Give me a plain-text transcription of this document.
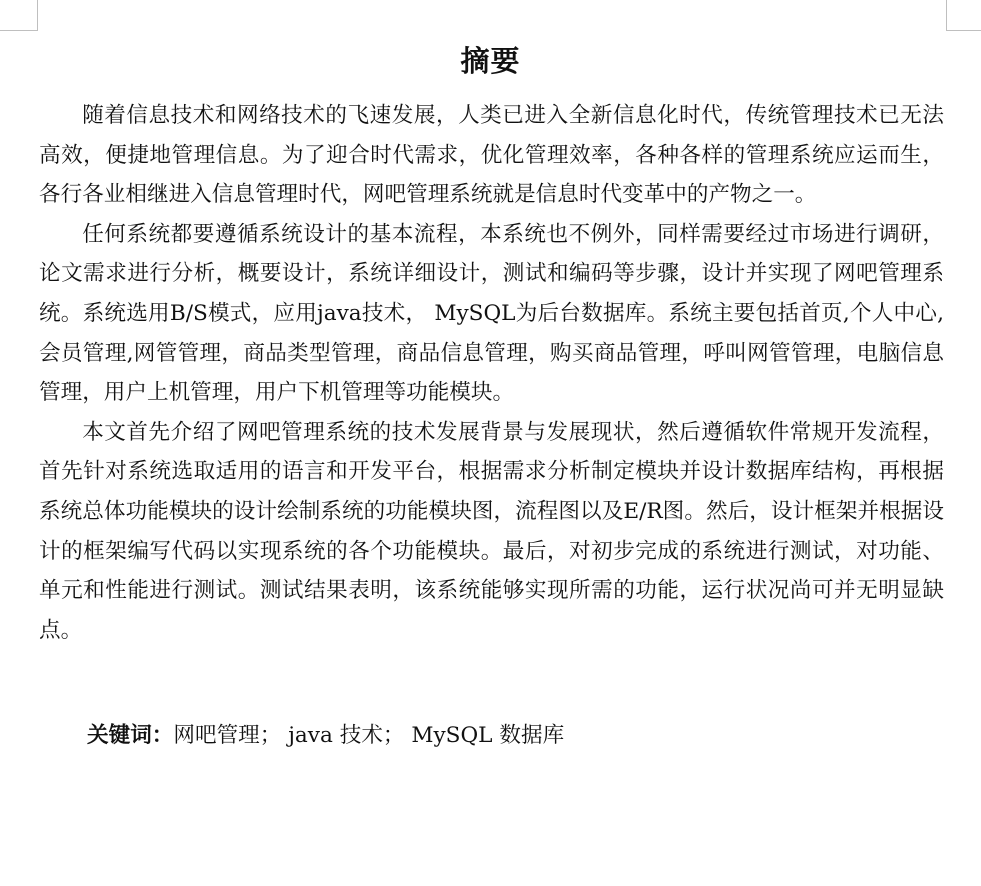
摘要

随着信息技术和网络技术的飞速发展，人类已进入全新信息化时代，传统管理技术已无法高效，便捷地管理信息。为了迎合时代需求，优化管理效率，各种各样的管理系统应运而生，各行各业相继进入信息管理时代，网吧管理系统就是信息时代变革中的产物之一。

任何系统都要遵循系统设计的基本流程，本系统也不例外，同样需要经过市场进行调研，论文需求进行分析，概要设计，系统详细设计，测试和编码等步骤，设计并实现了网吧管理系统。系统选用B/S模式，应用java技术， MySQL为后台数据库。系统主要包括首页,个人中心,会员管理,网管管理，商品类型管理，商品信息管理，购买商品管理，呼叫网管管理，电脑信息管理，用户上机管理，用户下机管理等功能模块。

本文首先介绍了网吧管理系统的技术发展背景与发展现状，然后遵循软件常规开发流程，首先针对系统选取适用的语言和开发平台，根据需求分析制定模块并设计数据库结构，再根据系统总体功能模块的设计绘制系统的功能模块图，流程图以及E/R图。然后，设计框架并根据设计的框架编写代码以实现系统的各个功能模块。最后，对初步完成的系统进行测试，对功能、单元和性能进行测试。测试结果表明，该系统能够实现所需的功能，运行状况尚可并无明显缺点。

关键词：网吧管理； java 技术； MySQL 数据库
